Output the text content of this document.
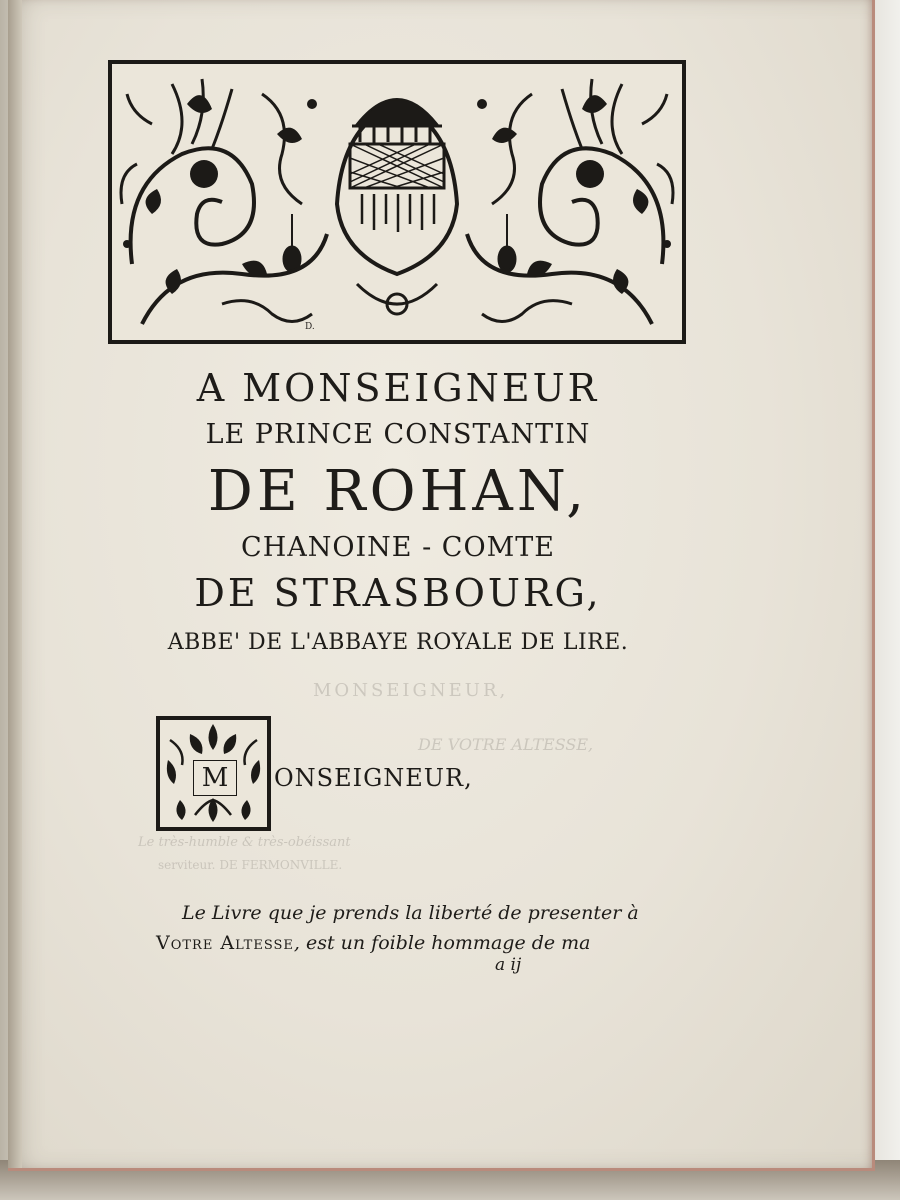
D.
MONSEIGNEUR,
DE VOTRE ALTESSE,
Le très-humble & très-obéissant
serviteur. DE FERMONVILLE.
A MONSEIGNEUR
LE PRINCE CONSTANTIN
DE ROHAN,
CHANOINE - COMTE
DE STRASBOURG,
ABBE' DE L'ABBAYE ROYALE DE LIRE.
M	ONSEIGNEUR,
Le Livre que je prends la liberté de presenter à
Votre Altesse, est un foible hommage de ma
a ij
